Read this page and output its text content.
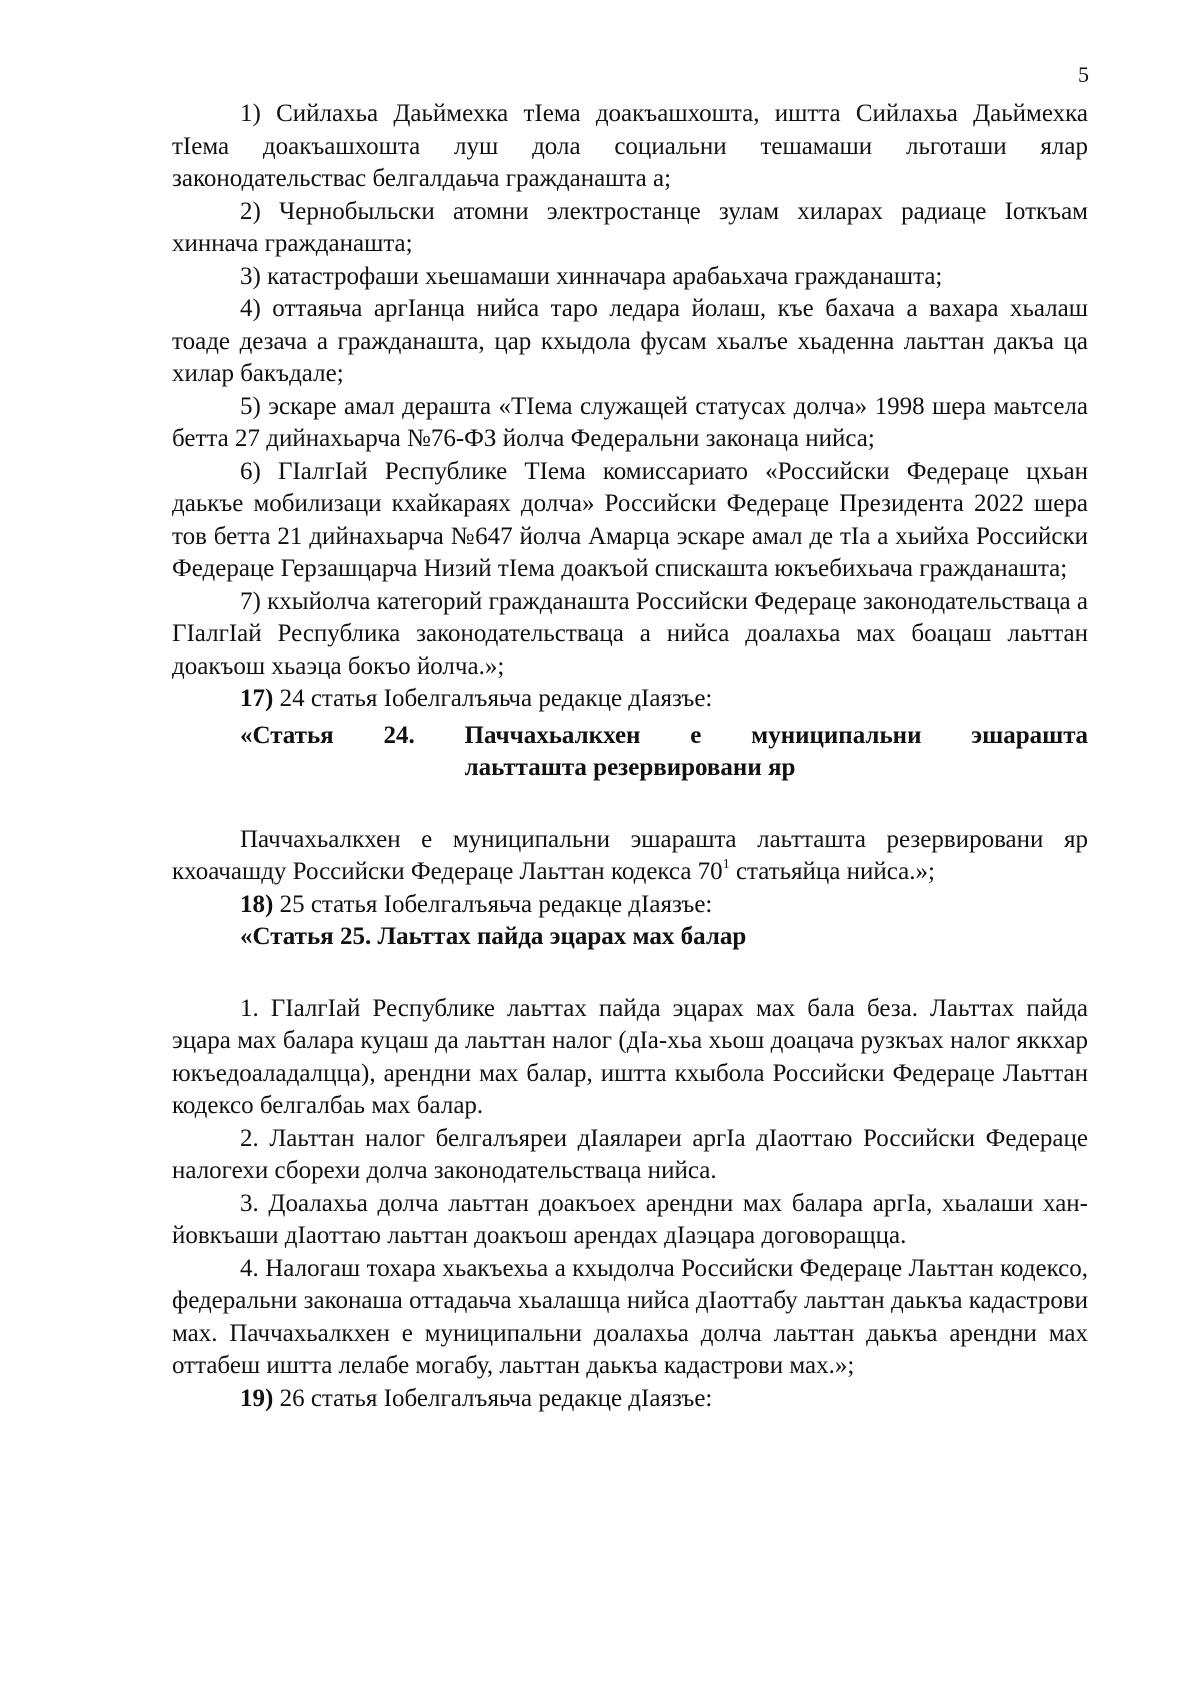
5

1) Сийлахьа Даьймехка тIема доакъашхошта, иштта Сийлахьа Даьймехка тIема доакъашхошта луш дола социальни тешамаши льготаши ялар законодательствас белгалдаьча гражданашта а;

2) Чернобыльски атомни электростанце зулам хиларах радиаце Iоткъам хиннача гражданашта;

3) катастрофаши хьешамаши хинначара арабаьхача гражданашта;

4) оттаяьча аргIанца нийса таро ледара йолаш, къе бахача а вахара хьалаш тоаде дезача а гражданашта, цар кхыдола фусам хьалъе хьаденна лаьттан дакъа ца хилар бакъдале;

5) эскаре амал дерашта «ТIема служащей статусах долча» 1998 шера маьтсела бетта 27 дийнахьарча №76-ФЗ йолча Федеральни законаца нийса;

6) ГIалгIай Республике ТIема комиссариато «Российски Федераце цхьан даькъе мобилизаци кхайкараях долча» Российски Федераце Президента 2022 шера тов бетта 21 дийнахьарча №647 йолча Амарца эскаре амал де тIа а хьийха Российски Федераце Герзашцарча Низий тIема доакъой спискашта юкъебихьача гражданашта;

7) кхыйолча категорий гражданашта Российски Федераце законодательстваца а ГIалгIай Республика законодательстваца а нийса доалахьа мах боацаш лаьттан доакъош хьаэца бокъо йолча.»;

17) 24 статья Iобелгалъяьча редакце дIаязъе:

«Статья 24. Паччахьалкхен е муниципальни эшараштa

лаьтташта резервировани яр

Паччахьалкхен е муниципальни эшараштa лаьтташта резервировани яр кхоачашду Российски Федераце Лаьттан кодекса $70^1$ статьяйца нийса.»;

18) 25 статья Iобелгалъяьча редакце дIаязъе:

«Статья 25. Лаьттах пайда эцарах мах балар

1. ГIалгIай Республике лаьттах пайда эцарах мах бала беза. Лаьттах пайда эцара мах балара куцаш да лаьттан налог (дIа-хьа хьош доацача рузкъах налог яккхар юкъедоаладалцца), арендни мах балар, иштта кхыбола Российски Федераце Лаьттан кодексо белгалбаь мах балар.

2. Лаьттан налог белгалъяреи дIаялареи аргIа дIаоттаю Российски Федераце налогехи сборехи долча законодательстваца нийса.

3. Доалахьа долча лаьттан доакъоех арендни мах балара аргIа, хьалаши хан-йовкъаши дIаоттаю лаьттан доакъош арендах дIаэцара договоращца.

4. Налогаш тохара хьакъехьа а кхыдолча Российски Федераце Лаьттан кодексо, федеральни законаша оттадаьча хьалашца нийса дIаоттабу лаьттан даькъа кадастрови мах. Паччахьалкхен е муниципальни доалахьа долча лаьттан даькъа арендни мах оттабеш иштта лелабе могабу, лаьттан даькъа кадастрови мах.»;

19) 26 статья Iобелгалъяьча редакце дIаязъе:
